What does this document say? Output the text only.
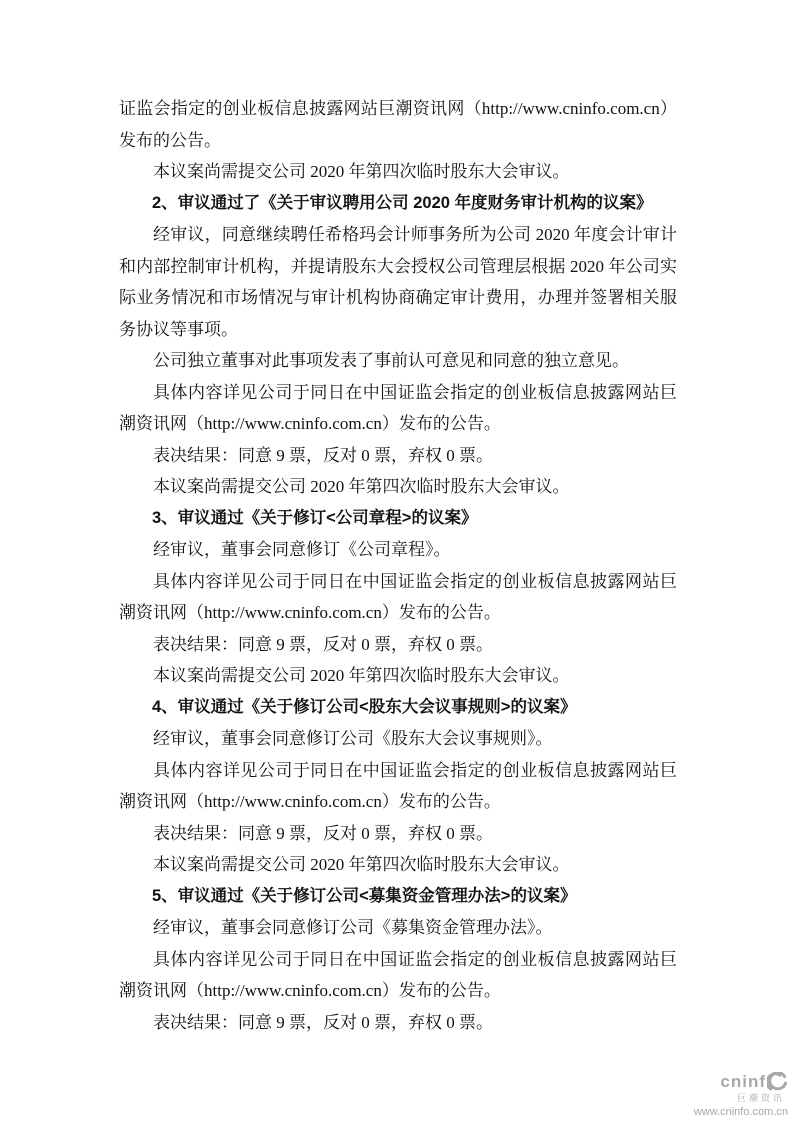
证监会指定的创业板信息披露网站巨潮资讯网（http://www.cninfo.com.cn）发布的公告。

本议案尚需提交公司 2020 年第四次临时股东大会审议。

2、审议通过了《关于审议聘用公司 2020 年度财务审计机构的议案》

经审议，同意继续聘任希格玛会计师事务所为公司 2020 年度会计审计和内部控制审计机构，并提请股东大会授权公司管理层根据 2020 年公司实际业务情况和市场情况与审计机构协商确定审计费用，办理并签署相关服务协议等事项。

公司独立董事对此事项发表了事前认可意见和同意的独立意见。

具体内容详见公司于同日在中国证监会指定的创业板信息披露网站巨潮资讯网（http://www.cninfo.com.cn）发布的公告。

表决结果：同意 9 票，反对 0 票，弃权 0 票。

本议案尚需提交公司 2020 年第四次临时股东大会审议。

3、审议通过《关于修订<公司章程>的议案》

经审议，董事会同意修订《公司章程》。

具体内容详见公司于同日在中国证监会指定的创业板信息披露网站巨潮资讯网（http://www.cninfo.com.cn）发布的公告。

表决结果：同意 9 票，反对 0 票，弃权 0 票。

本议案尚需提交公司 2020 年第四次临时股东大会审议。

4、审议通过《关于修订公司<股东大会议事规则>的议案》

经审议，董事会同意修订公司《股东大会议事规则》。

具体内容详见公司于同日在中国证监会指定的创业板信息披露网站巨潮资讯网（http://www.cninfo.com.cn）发布的公告。

表决结果：同意 9 票，反对 0 票，弃权 0 票。

本议案尚需提交公司 2020 年第四次临时股东大会审议。

5、审议通过《关于修订公司<募集资金管理办法>的议案》

经审议，董事会同意修订公司《募集资金管理办法》。

具体内容详见公司于同日在中国证监会指定的创业板信息披露网站巨潮资讯网（http://www.cninfo.com.cn）发布的公告。

表决结果：同意 9 票，反对 0 票，弃权 0 票。

cninf
巨潮资讯
www.cninfo.com.cn
